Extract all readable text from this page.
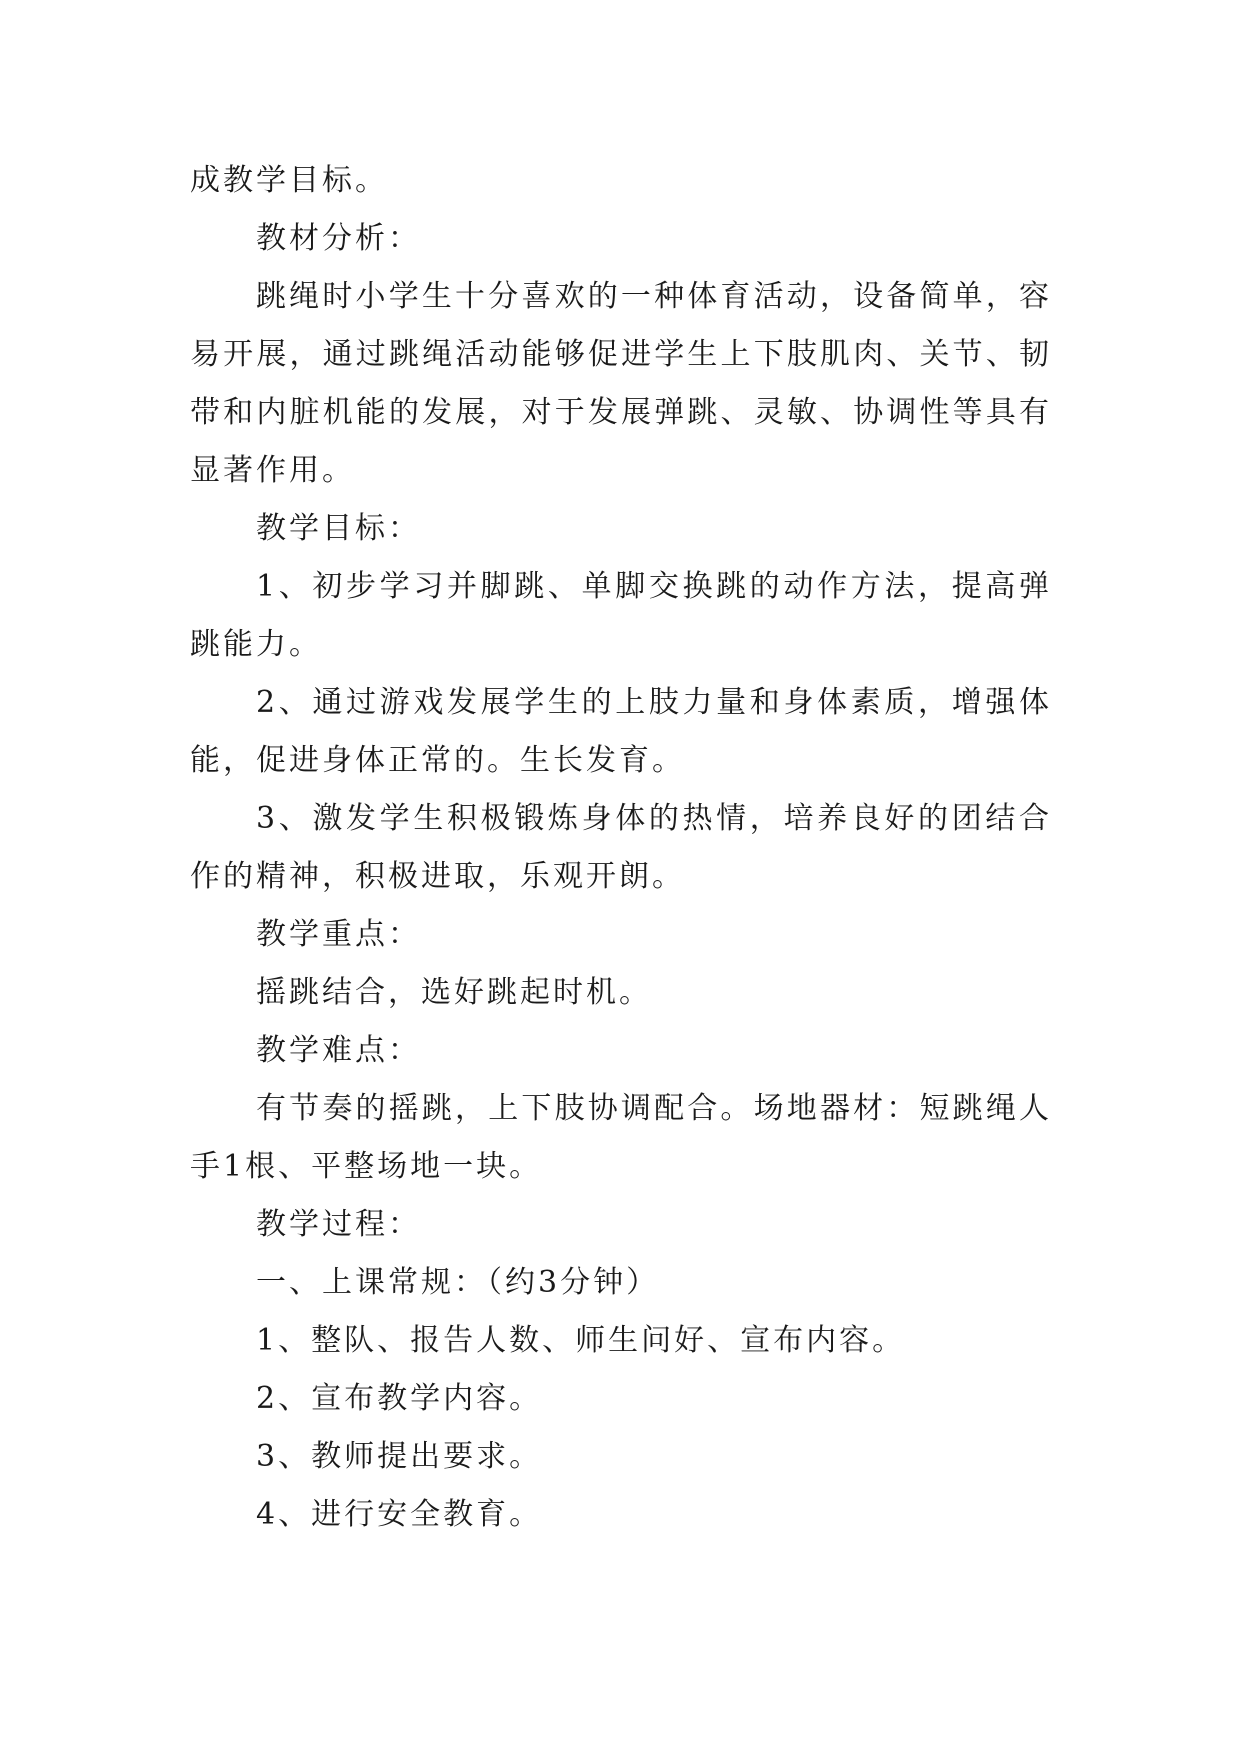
成教学目标。

教材分析：

跳绳时小学生十分喜欢的一种体育活动，设备简单，容易开展，通过跳绳活动能够促进学生上下肢肌肉、关节、韧带和内脏机能的发展，对于发展弹跳、灵敏、协调性等具有显著作用。

教学目标：

1、初步学习并脚跳、单脚交换跳的动作方法，提高弹跳能力。

2、通过游戏发展学生的上肢力量和身体素质，增强体能，促进身体正常的。生长发育。

3、激发学生积极锻炼身体的热情，培养良好的团结合作的精神，积极进取，乐观开朗。

教学重点：

摇跳结合，选好跳起时机。

教学难点：

有节奏的摇跳，上下肢协调配合。场地器材：短跳绳人手1根、平整场地一块。

教学过程：

一、上课常规：（约3分钟）

1、整队、报告人数、师生问好、宣布内容。

2、宣布教学内容。

3、教师提出要求。

4、进行安全教育。
